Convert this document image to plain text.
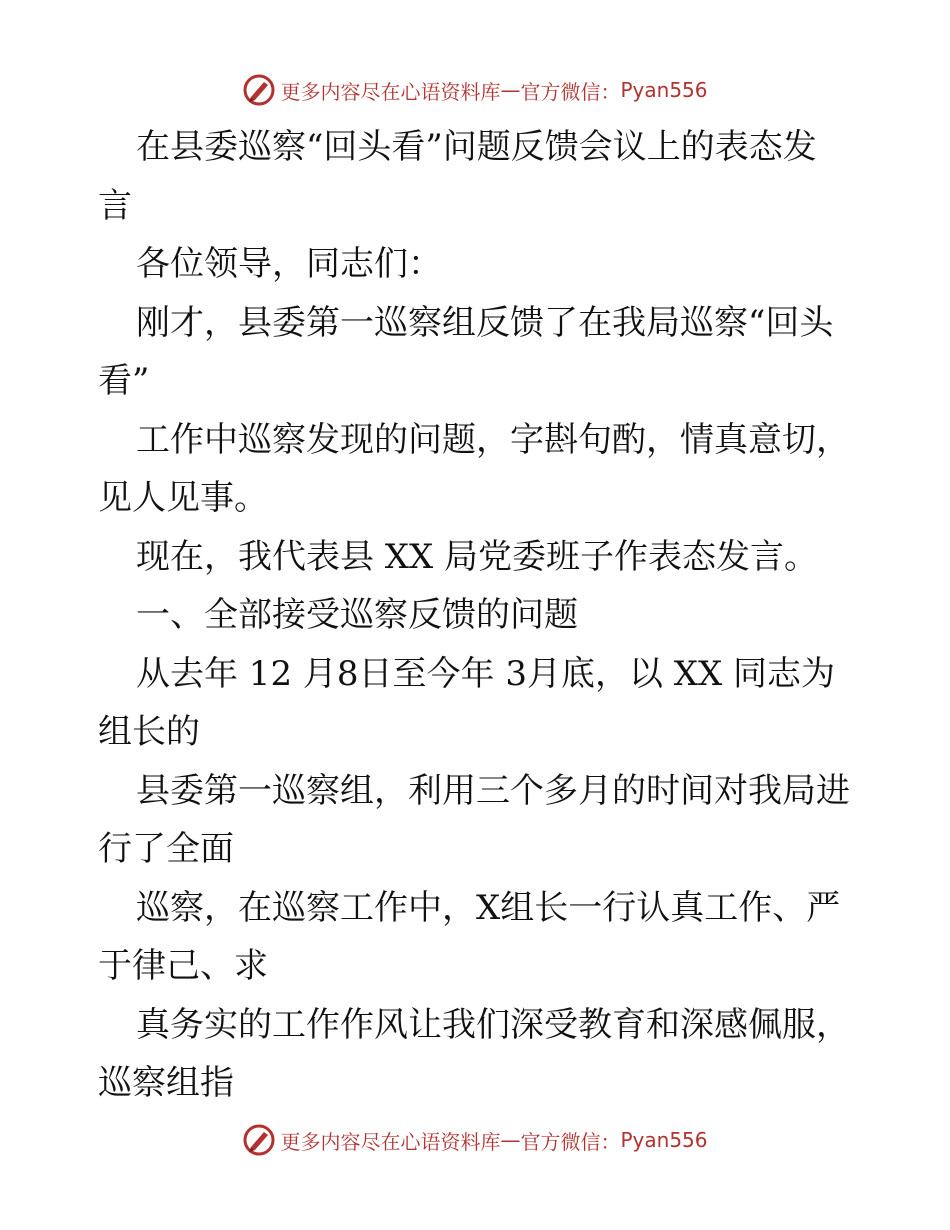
更多内容尽在心语资料库 — 官方微信： Pyan556

在县委巡察“回头看”问题反馈会议上的表态发

言

各位领导，同志们：

刚才，县委第一巡察组反馈了在我局巡察“回头

看”

工作中巡察发现的问题，字斟句酌，情真意切，

见人见事。

现在，我代表县 XX 局党委班子作表态发言。

一、全部接受巡察反馈的问题

从去年 12 月8日至今年 3月底，以 XX 同志为

组长的

县委第一巡察组，利用三个多月的时间对我局进

行了全面

巡察，在巡察工作中，X组长一行认真工作、严

于律己、求

真务实的工作作风让我们深受教育和深感佩服，

巡察组指

更多内容尽在心语资料库 — 官方微信： Pyan556
